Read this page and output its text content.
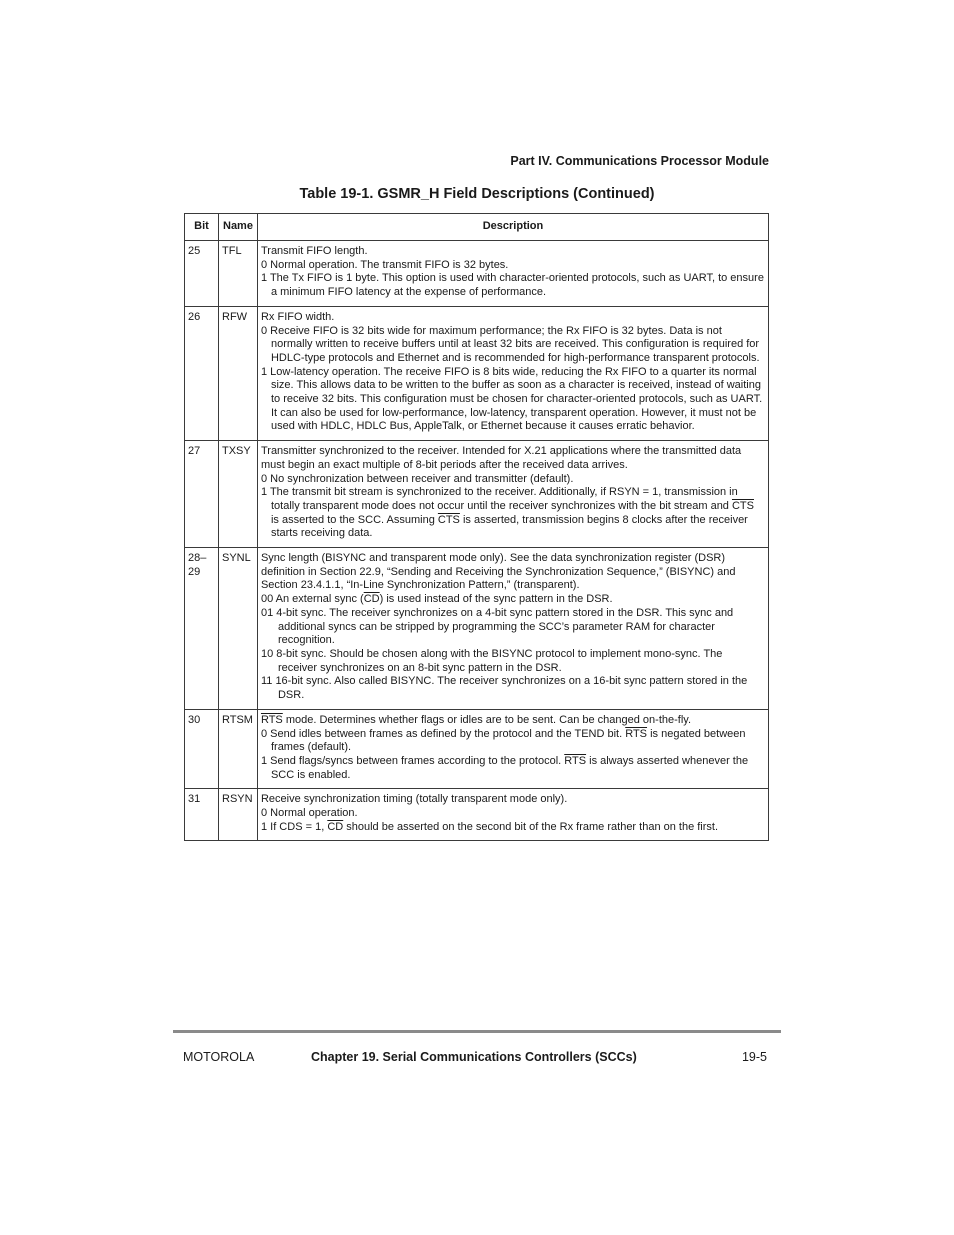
Part IV. Communications Processor Module
Table 19-1. GSMR_H Field Descriptions (Continued)
Bit	Name	Description
25	TFL	Transmit FIFO length.
0 Normal operation. The transmit FIFO is 32 bytes.
1 The Tx FIFO is 1 byte. This option is used with character-oriented protocols, such as UART, to ensure a minimum FIFO latency at the expense of performance.

26	RFW	Rx FIFO width.
0 Receive FIFO is 32 bits wide for maximum performance; the Rx FIFO is 32 bytes. Data is not normally written to receive buffers until at least 32 bits are received. This configuration is required for HDLC-type protocols and Ethernet and is recommended for high-performance transparent protocols.
1 Low-latency operation. The receive FIFO is 8 bits wide, reducing the Rx FIFO to a quarter its normal size. This allows data to be written to the buffer as soon as a character is received, instead of waiting to receive 32 bits. This configuration must be chosen for character-oriented protocols, such as UART. It can also be used for low-performance, low-latency, transparent operation. However, it must not be used with HDLC, HDLC Bus, AppleTalk, or Ethernet because it causes erratic behavior.

27	TXSY	Transmitter synchronized to the receiver. Intended for X.21 applications where the transmitted data must begin an exact multiple of 8-bit periods after the received data arrives.
0 No synchronization between receiver and transmitter (default).
1 The transmit bit stream is synchronized to the receiver. Additionally, if RSYN = 1, transmission in totally transparent mode does not occur until the receiver synchronizes with the bit stream and $\overline{CTS}$ is asserted to the SCC. Assuming $\overline{CTS}$ is asserted, transmission begins 8 clocks after the receiver starts receiving data.

28–29	SYNL	Sync length (BISYNC and transparent mode only). See the data synchronization register (DSR) definition in Section 22.9, “Sending and Receiving the Synchronization Sequence,” (BISYNC) and Section 23.4.1.1, “In-Line Synchronization Pattern,” (transparent).
00 An external sync $(\overline{CD})$ is used instead of the sync pattern in the DSR.
01 4-bit sync. The receiver synchronizes on a 4-bit sync pattern stored in the DSR. This sync and additional syncs can be stripped by programming the SCC’s parameter RAM for character recognition.
10 8-bit sync. Should be chosen along with the BISYNC protocol to implement mono-sync. The receiver synchronizes on an 8-bit sync pattern in the DSR.
11 16-bit sync. Also called BISYNC. The receiver synchronizes on a 16-bit sync pattern stored in the DSR.

30	RTSM	$\overline{RTS}$ mode. Determines whether flags or idles are to be sent. Can be changed on-the-fly.
0 Send idles between frames as defined by the protocol and the TEND bit. $\overline{RTS}$ is negated between frames (default).
1 Send flags/syncs between frames according to the protocol. $\overline{RTS}$ is always asserted whenever the SCC is enabled.

31	RSYN	Receive synchronization timing (totally transparent mode only).
0 Normal operation.
1 If CDS = 1, $\overline{CD}$ should be asserted on the second bit of the Rx frame rather than on the first.
MOTOROLA	Chapter 19. Serial Communications Controllers (SCCs)	19-5
